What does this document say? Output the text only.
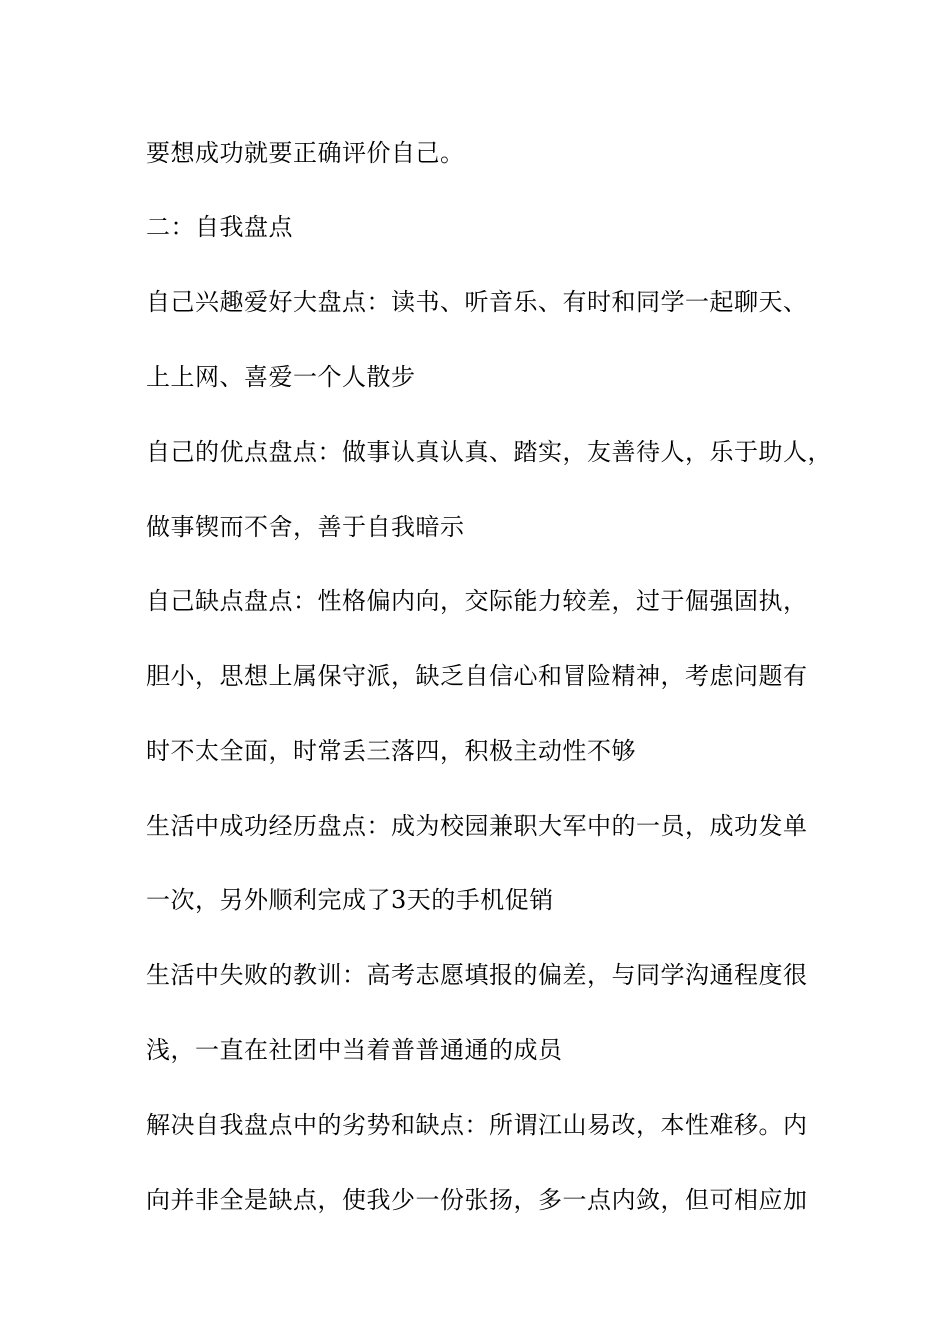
要想成功就要正确评价自己。
二：自我盘点
自己兴趣爱好大盘点：读书、听音乐、有时和同学一起聊天、
上上网、喜爱一个人散步
自己的优点盘点：做事认真认真、踏实，友善待人，乐于助人，
做事锲而不舍，善于自我暗示
自己缺点盘点：性格偏内向，交际能力较差，过于倔强固执，
胆小，思想上属保守派，缺乏自信心和冒险精神，考虑问题有
时不太全面，时常丢三落四，积极主动性不够
生活中成功经历盘点：成为校园兼职大军中的一员，成功发单
一次，另外顺利完成了3天的手机促销
生活中失败的教训：高考志愿填报的偏差，与同学沟通程度很
浅，一直在社团中当着普普通通的成员
解决自我盘点中的劣势和缺点：所谓江山易改，本性难移。内
向并非全是缺点，使我少一份张扬，多一点内敛，但可相应加
